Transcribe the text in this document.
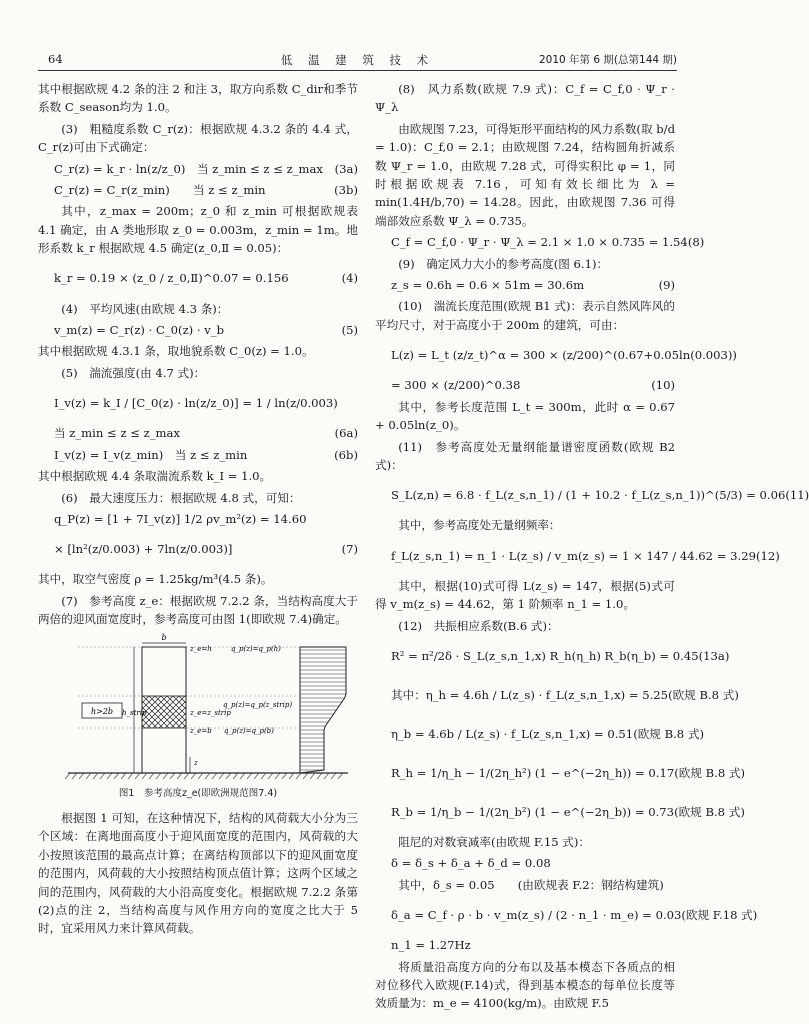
64	低 温 建 筑 技 术	2010 年第 6 期(总第144 期)

其中根据欧规 4.2 条的注 2 和注 3，取方向系数 C_dir和季节系数 C_season均为 1.0。

(3)　粗糙度系数 C_r(z)：根据欧规 4.3.2 条的 4.4 式，C_r(z)可由下式确定：

C_r(z) = k_r · ln(z/z_0)　当 z_min ≤ z ≤ z_max	(3a)
C_r(z) = C_r(z_min)　　当 z ≤ z_min	(3b)

其中，z_max = 200m；z_0 和 z_min 可根据欧规表 4.1 确定，由 A 类地形取 z_0 = 0.003m，z_min = 1m。地形系数 k_r 根据欧规 4.5 确定(z_0,Ⅱ = 0.05)：

k_r = 0.19 × (z_0 / z_0,Ⅱ)^0.07 = 0.156	(4)

(4)　平均风速(由欧规 4.3 条)：

v_m(z) = C_r(z) · C_0(z) · v_b	(5)

其中根据欧规 4.3.1 条，取地貌系数 C_0(z) = 1.0。

(5)　湍流强度(由 4.7 式)：

I_v(z) = k_I / [C_0(z) · ln(z/z_0)] = 1 / ln(z/0.003)
当 z_min ≤ z ≤ z_max	(6a)
I_v(z) = I_v(z_min)　当 z ≤ z_min	(6b)

其中根据欧规 4.4 条取湍流系数 k_I = 1.0。

(6)　最大速度压力：根据欧规 4.8 式，可知：

q_P(z) = [1 + 7I_v(z)] 1/2 ρv_m²(z) = 14.60
× [ln²(z/0.003) + 7ln(z/0.003)]	(7)

其中，取空气密度 ρ = 1.25kg/m³(4.5 条)。

(7)　参考高度 z_e：根据欧规 7.2.2 条，当结构高度大于两倍的迎风面宽度时，参考高度可由图 1(即欧规 7.4)确定。

b
h>2b h_strip
z_e=h	q_p(z)=q_p(h)
z_e=z_strip
q_p(z)=q_p(z_strip)
z_e=b q_p(z)=q_p(b)
z
图1　参考高度z_e(即欧洲规范图7.4)

根据图 1 可知，在这种情况下，结构的风荷载大小分为三个区域：在离地面高度小于迎风面宽度的范围内，风荷载的大小按照该范围的最高点计算；在离结构顶部以下的迎风面宽度的范围内，风荷载的大小按照结构顶点值计算；这两个区域之间的范围内，风荷载的大小沿高度变化。根据欧规 7.2.2 条第(2)点的注 2，当结构高度与风作用方向的宽度之比大于 5 时，宜采用风力来计算风荷载。

(8)　风力系数(欧规 7.9 式)：C_f = C_f,0 · Ψ_r · Ψ_λ

由欧规图 7.23，可得矩形平面结构的风力系数(取 b/d = 1.0)：C_f,0 = 2.1；由欧规图 7.24，结构圆角折减系数 Ψ_r = 1.0，由欧规 7.28 式，可得实积比 φ = 1，同时根据欧规表 7.16，可知有效长细比为 λ = min(1.4H/b,70) = 14.28。因此，由欧规图 7.36 可得端部效应系数 Ψ_λ = 0.735。

C_f = C_f,0 · Ψ_r · Ψ_λ = 2.1 × 1.0 × 0.735 = 1.54 (8)

(9)　确定风力大小的参考高度(图 6.1)：

z_s = 0.6h = 0.6 × 51m = 30.6m	(9)

(10)　湍流长度范围(欧规 B1 式)：表示自然风阵风的平均尺寸，对于高度小于 200m 的建筑，可由：

L(z) = L_t (z/z_t)^α = 300 × (z/200)^(0.67+0.05ln(0.003))
= 300 × (z/200)^0.38	(10)

其中，参考长度范围 L_t = 300m，此时 α = 0.67 + 0.05ln(z_0)。

(11)　参考高度处无量纲能量谱密度函数(欧规 B2 式)：

S_L(z,n) = 6.8 · f_L(z_s,n_1) / (1 + 10.2 · f_L(z_s,n_1))^(5/3) = 0.06 (11)

其中，参考高度处无量纲频率：

f_L(z_s,n_1) = n_1 · L(z_s) / v_m(z_s) = 1 × 147 / 44.62 = 3.29 (12)

其中，根据(10)式可得 L(z_s) = 147，根据(5)式可得 v_m(z_s) = 44.62，第 1 阶频率 n_1 = 1.0。

(12)　共振相应系数(B.6 式)：

R² = π²/2δ · S_L(z_s,n_1,x) R_h(η_h) R_b(η_b) = 0.45 (13a)
其中：η_h = 4.6h / L(z_s) · f_L(z_s,n_1,x) = 5.25 (欧规 B.8 式)
η_b = 4.6b / L(z_s) · f_L(z_s,n_1,x) = 0.51 (欧规 B.8 式)
R_h = 1/η_h − 1/(2η_h²) (1 − e^(−2η_h)) = 0.17 (欧规 B.8 式)
R_b = 1/η_b − 1/(2η_b²) (1 − e^(−2η_b)) = 0.73 (欧规 B.8 式)

阻尼的对数衰减率(由欧规 F.15 式)：

δ = δ_s + δ_a + δ_d = 0.08

其中，δ_s = 0.05　　(由欧规表 F.2：钢结构建筑)

δ_a = C_f · ρ · b · v_m(z_s) / (2 · n_1 · m_e) = 0.03 (欧规 F.18 式)
n_1 = 1.27Hz

将质量沿高度方向的分布以及基本模态下各质点的相对位移代入欧规(F.14)式，得到基本模态的每单位长度等效质量为：m_e = 4100(kg/m)。由欧规 F.5
